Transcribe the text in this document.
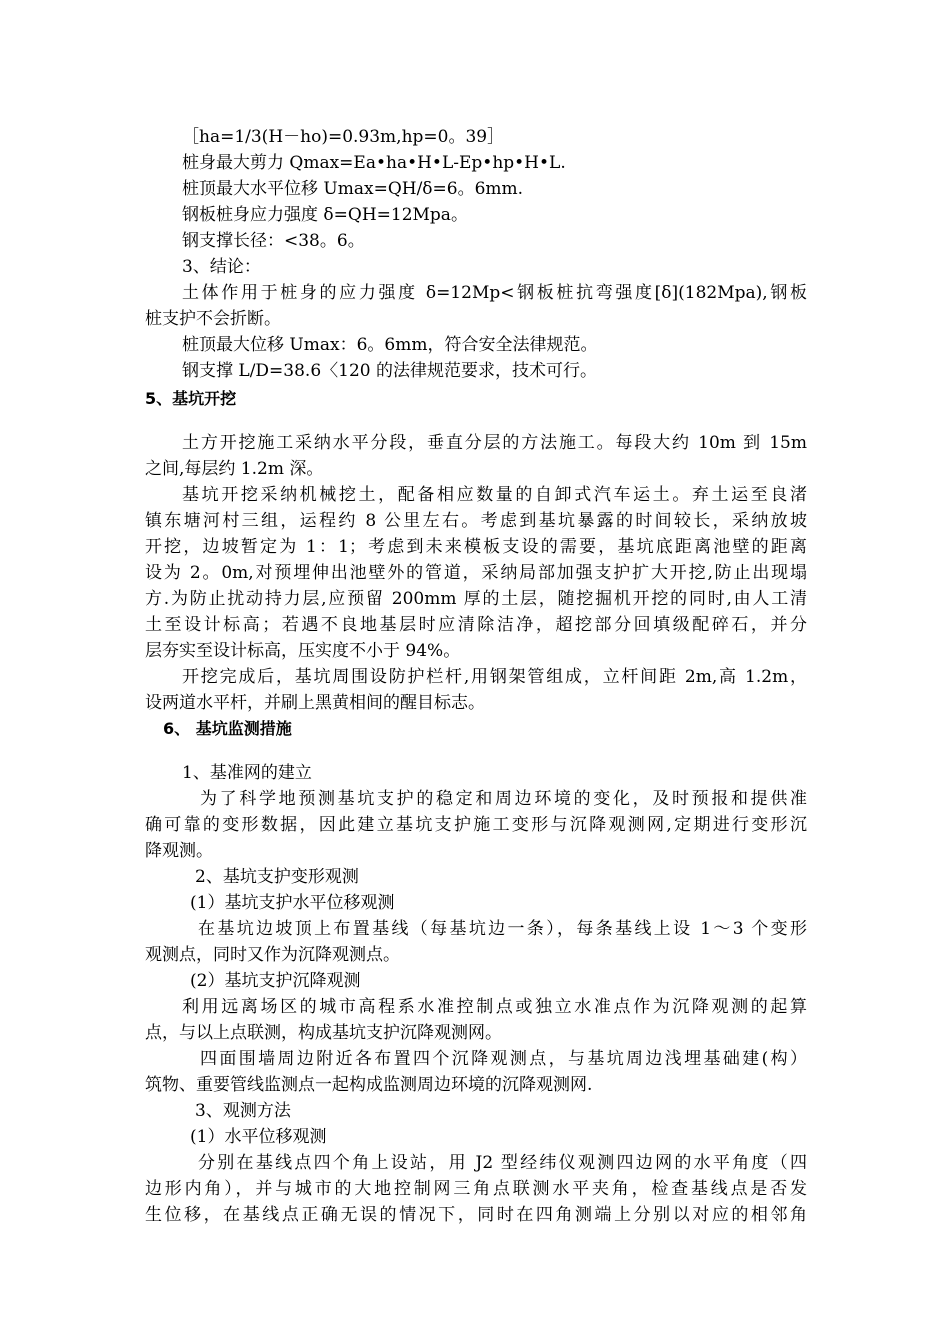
［ha=1/3(H－ho)=0.93m,hp=0。39］
桩身最大剪力 Qmax=Ea•ha•H•L-Ep•hp•H•L.
桩顶最大水平位移 Umax=QH/δ=6。6mm.
钢板桩身应力强度 δ=QH=12Mpa。
钢支撑长径：<38。6。
3、结论：
土体作用于桩身的应力强度 δ=12Mp<钢板桩抗弯强度[δ](182Mpa),钢板
桩支护不会折断。
桩顶最大位移 Umax：6。6mm，符合安全法律规范。
钢支撑 L/D=38.6〈120 的法律规范要求，技术可行。
5、基坑开挖
土方开挖施工采纳水平分段，垂直分层的方法施工。每段大约 10m 到 15m
之间,每层约 1.2m 深。
基坑开挖采纳机械挖土，配备相应数量的自卸式汽车运土。弃土运至良渚
镇东塘河村三组，运程约 8 公里左右。考虑到基坑暴露的时间较长，采纳放坡
开挖，边坡暂定为 1：1；考虑到未来模板支设的需要，基坑底距离池壁的距离
设为 2。0m,对预埋伸出池壁外的管道，采纳局部加强支护扩大开挖,防止出现塌
方.为防止扰动持力层,应预留 200mm 厚的土层，随挖掘机开挖的同时,由人工清
土至设计标高；若遇不良地基层时应清除洁净，超挖部分回填级配碎石，并分
层夯实至设计标高，压实度不小于 94%。
开挖完成后，基坑周围设防护栏杆,用钢架管组成，立杆间距 2m,高 1.2m，
设两道水平杆，并刷上黑黄相间的醒目标志。
6、 基坑监测措施
1、基准网的建立
为了科学地预测基坑支护的稳定和周边环境的变化，及时预报和提供准
确可靠的变形数据，因此建立基坑支护施工变形与沉降观测网,定期进行变形沉
降观测。
2、基坑支护变形观测
(1）基坑支护水平位移观测
在基坑边坡顶上布置基线（每基坑边一条），每条基线上设 1～3 个变形
观测点，同时又作为沉降观测点。
(2）基坑支护沉降观测
利用远离场区的城市高程系水准控制点或独立水准点作为沉降观测的起算
点，与以上点联测，构成基坑支护沉降观测网。
四面围墙周边附近各布置四个沉降观测点，与基坑周边浅埋基础建(构）
筑物、重要管线监测点一起构成监测周边环境的沉降观测网.
3、观测方法
(1）水平位移观测
分别在基线点四个角上设站，用 J2 型经纬仪观测四边网的水平角度（四
边形内角），并与城市的大地控制网三角点联测水平夹角，检查基线点是否发
生位移，在基线点正确无误的情况下，同时在四角测端上分别以对应的相邻角
